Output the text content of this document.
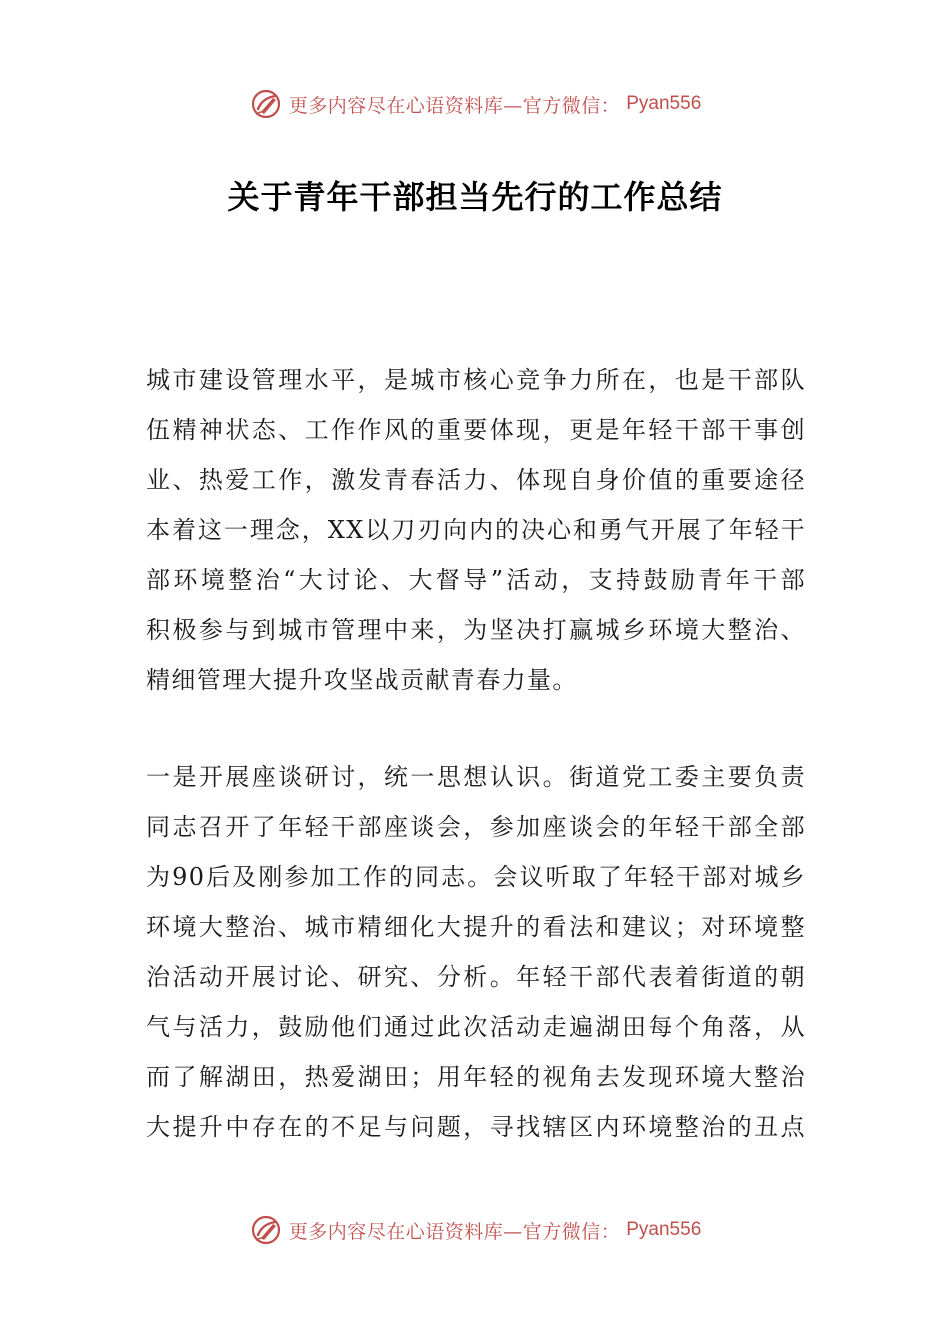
更多内容尽在心语资料库—官方微信： Pyan556
关于青年干部担当先行的工作总结

城市建设管理水平，是城市核心竞争力所在，也是干部队
伍精神状态、工作作风的重要体现，更是年轻干部干事创
业、热爱工作，激发青春活力、体现自身价值的重要途径
本着这一理念，XX以刀刃向内的决心和勇气开展了年轻干
部环境整治“大讨论、大督导”活动，支持鼓励青年干部
积极参与到城市管理中来，为坚决打赢城乡环境大整治、
精细管理大提升攻坚战贡献青春力量。

一是开展座谈研讨，统一思想认识。街道党工委主要负责
同志召开了年轻干部座谈会，参加座谈会的年轻干部全部
为90后及刚参加工作的同志。会议听取了年轻干部对城乡
环境大整治、城市精细化大提升的看法和建议；对环境整
治活动开展讨论、研究、分析。年轻干部代表着街道的朝
气与活力，鼓励他们通过此次活动走遍湖田每个角落，从
而了解湖田，热爱湖田；用年轻的视角去发现环境大整治
大提升中存在的不足与问题，寻找辖区内环境整治的丑点

更多内容尽在心语资料库—官方微信： Pyan556
